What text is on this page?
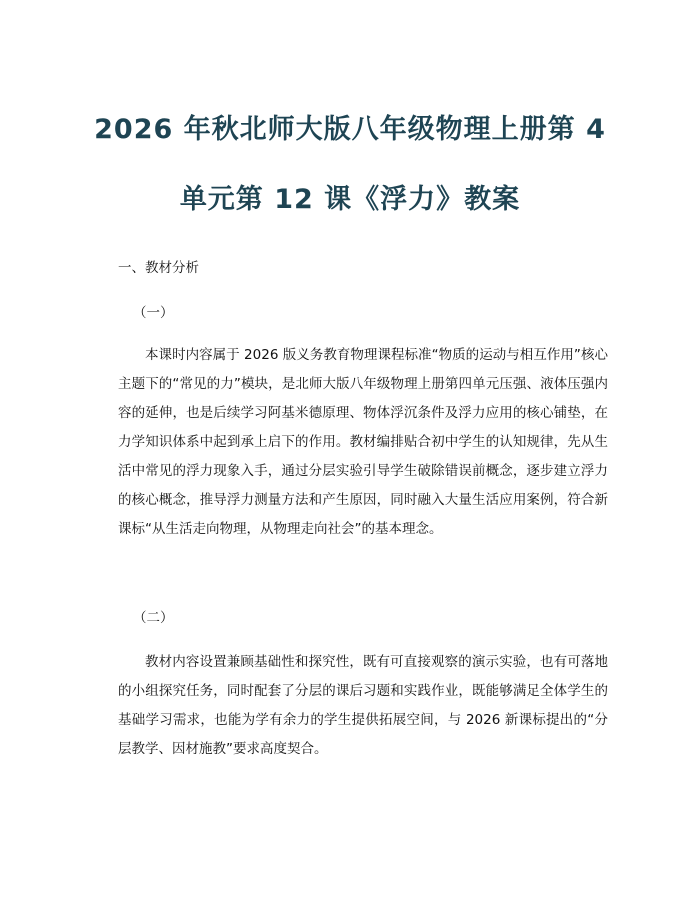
2026 年秋北师大版八年级物理上册第 4
单元第 12 课《浮力》教案
一、教材分析
（一）
本课时内容属于 2026 版义务教育物理课程标准“物质的运动与相互作用”核心主题下的“常见的力”模块，是北师大版八年级物理上册第四单元压强、液体压强内容的延伸，也是后续学习阿基米德原理、物体浮沉条件及浮力应用的核心铺垫，在力学知识体系中起到承上启下的作用。教材编排贴合初中学生的认知规律，先从生活中常见的浮力现象入手，通过分层实验引导学生破除错误前概念，逐步建立浮力的核心概念，推导浮力测量方法和产生原因，同时融入大量生活应用案例，符合新课标“从生活走向物理，从物理走向社会”的基本理念。
（二）
教材内容设置兼顾基础性和探究性，既有可直接观察的演示实验，也有可落地的小组探究任务，同时配套了分层的课后习题和实践作业，既能够满足全体学生的基础学习需求，也能为学有余力的学生提供拓展空间，与 2026 新课标提出的“分层教学、因材施教”要求高度契合。
